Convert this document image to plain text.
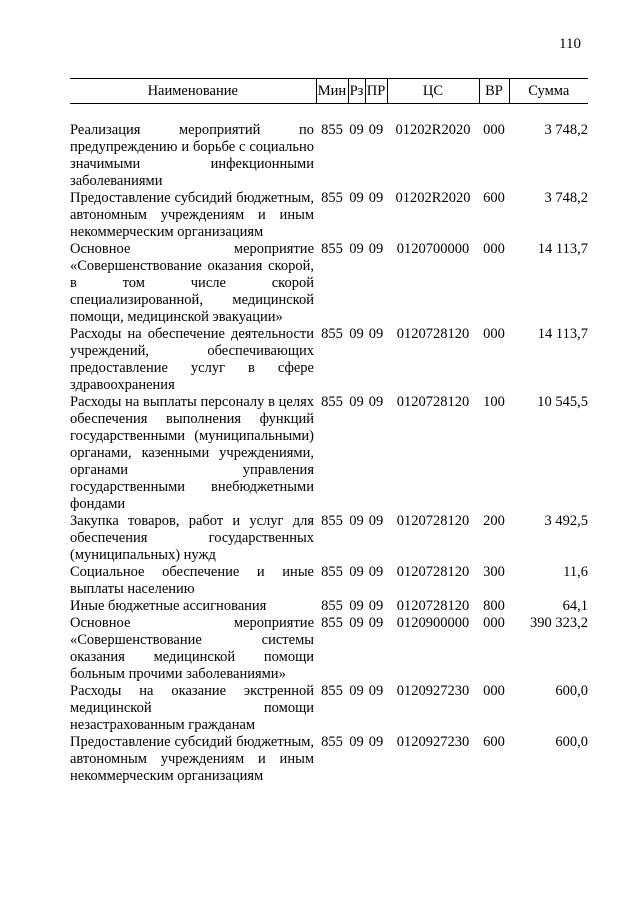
110
Наименование	Мин	Рз	ПР	ЦС	ВР	Сумма

Реализация мероприятий по предупреждению и борьбе с социально значимыми инфекционными заболеваниями	855	09	09	01202R2020	000	3 748,2
Предоставление субсидий бюджетным, автономным учреждениям и иным некоммерческим организациям	855	09	09	01202R2020	600	3 748,2
Основное мероприятие «Совершенствование оказания скорой, в том числе скорой специализированной, медицинской помощи, медицинской эвакуации»	855	09	09	0120700000	000	14 113,7
Расходы на обеспечение деятельности учреждений, обеспечивающих предоставление услуг в сфере здравоохранения	855	09	09	0120728120	000	14 113,7
Расходы на выплаты персоналу в целях обеспечения выполнения функций государственными (муниципальными) органами, казенными учреждениями, органами управления государственными внебюджетными фондами	855	09	09	0120728120	100	10 545,5
Закупка товаров, работ и услуг для обеспечения государственных (муниципальных) нужд	855	09	09	0120728120	200	3 492,5
Социальное обеспечение и иные выплаты населению	855	09	09	0120728120	300	11,6
Иные бюджетные ассигнования	855	09	09	0120728120	800	64,1
Основное мероприятие «Совершенствование системы оказания медицинской помощи больным прочими заболеваниями»	855	09	09	0120900000	000	390 323,2
Расходы на оказание экстренной медицинской помощи незастрахованным гражданам	855	09	09	0120927230	000	600,0
Предоставление субсидий бюджетным, автономным учреждениям и иным некоммерческим организациям	855	09	09	0120927230	600	600,0
